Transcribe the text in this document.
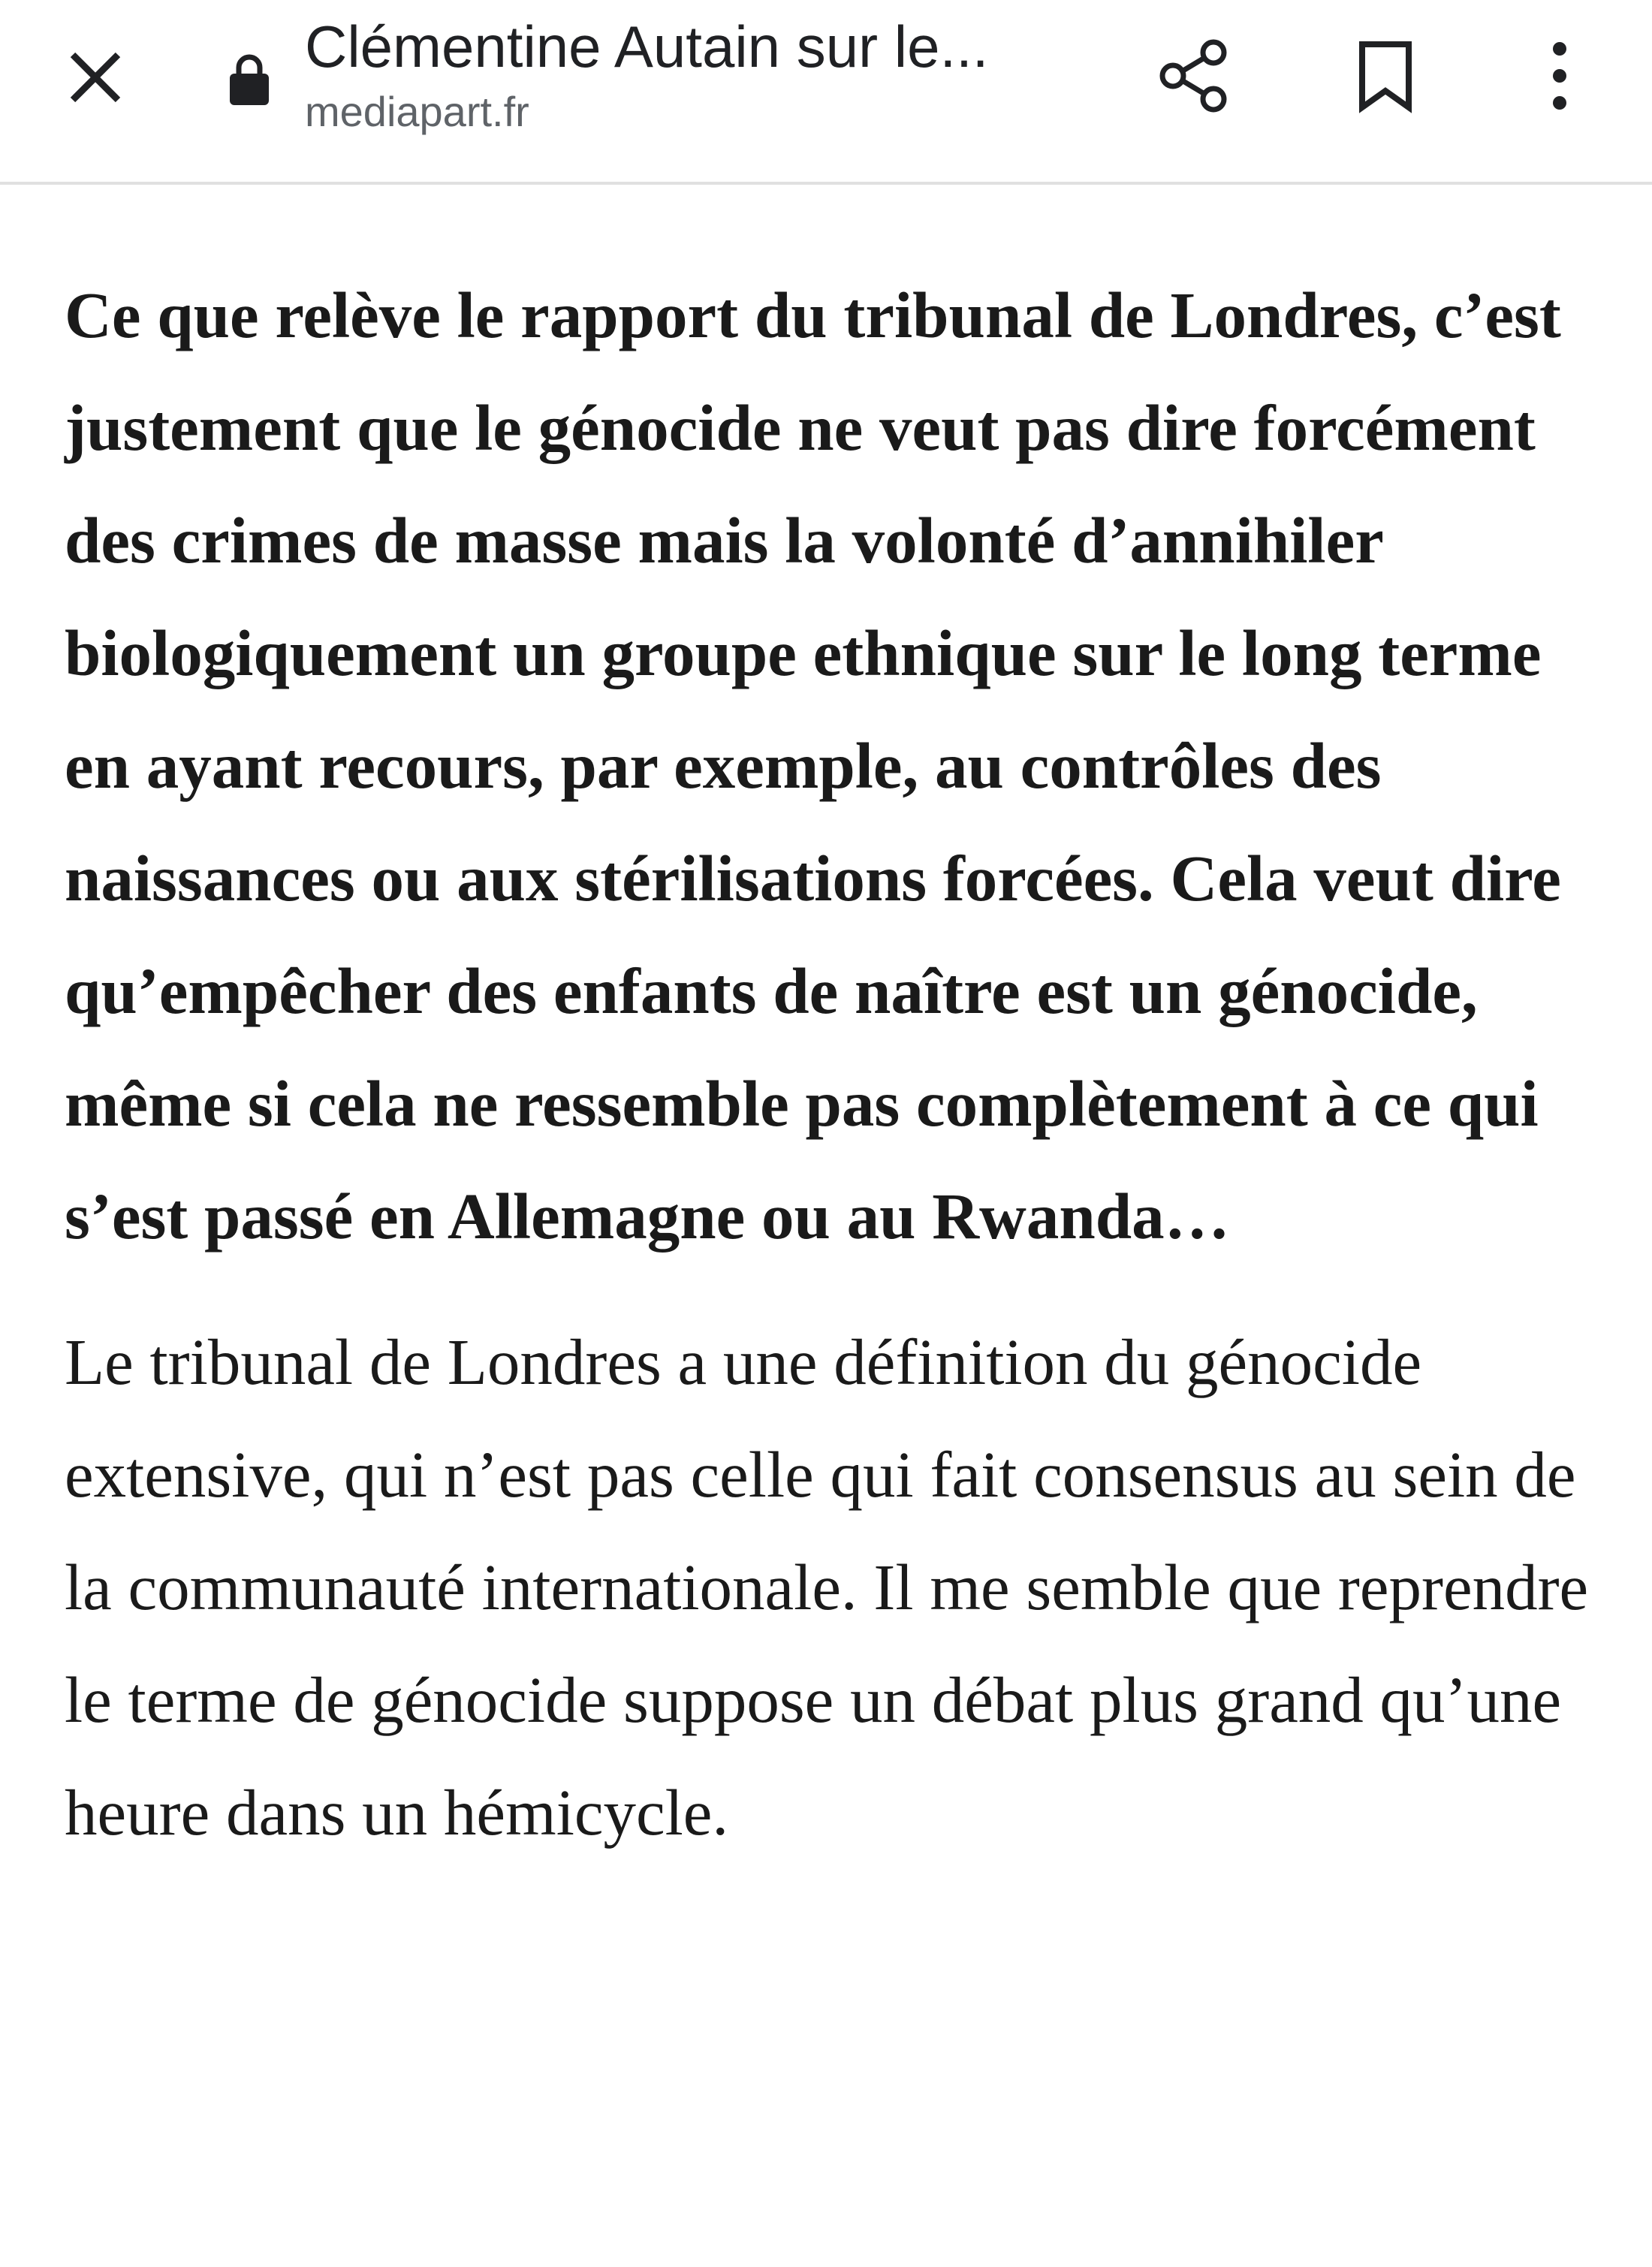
Clémentine Autain sur le...
mediapart.fr

Ce que relève le rapport du tribunal de Londres, c’est justement que le génocide ne veut pas dire forcément des crimes de masse mais la volonté d’annihiler biologiquement un groupe ethnique sur le long terme en ayant recours, par exemple, au contrôles des naissances ou aux stérilisations forcées. Cela veut dire qu’empêcher des enfants de naître est un génocide, même si cela ne ressemble pas complètement à ce qui s’est passé en Allemagne ou au Rwanda…

Le tribunal de Londres a une définition du génocide extensive, qui n’est pas celle qui fait consensus au sein de la communauté internationale. Il me semble que reprendre le terme de génocide suppose un débat plus grand qu’une heure dans un hémicycle.
